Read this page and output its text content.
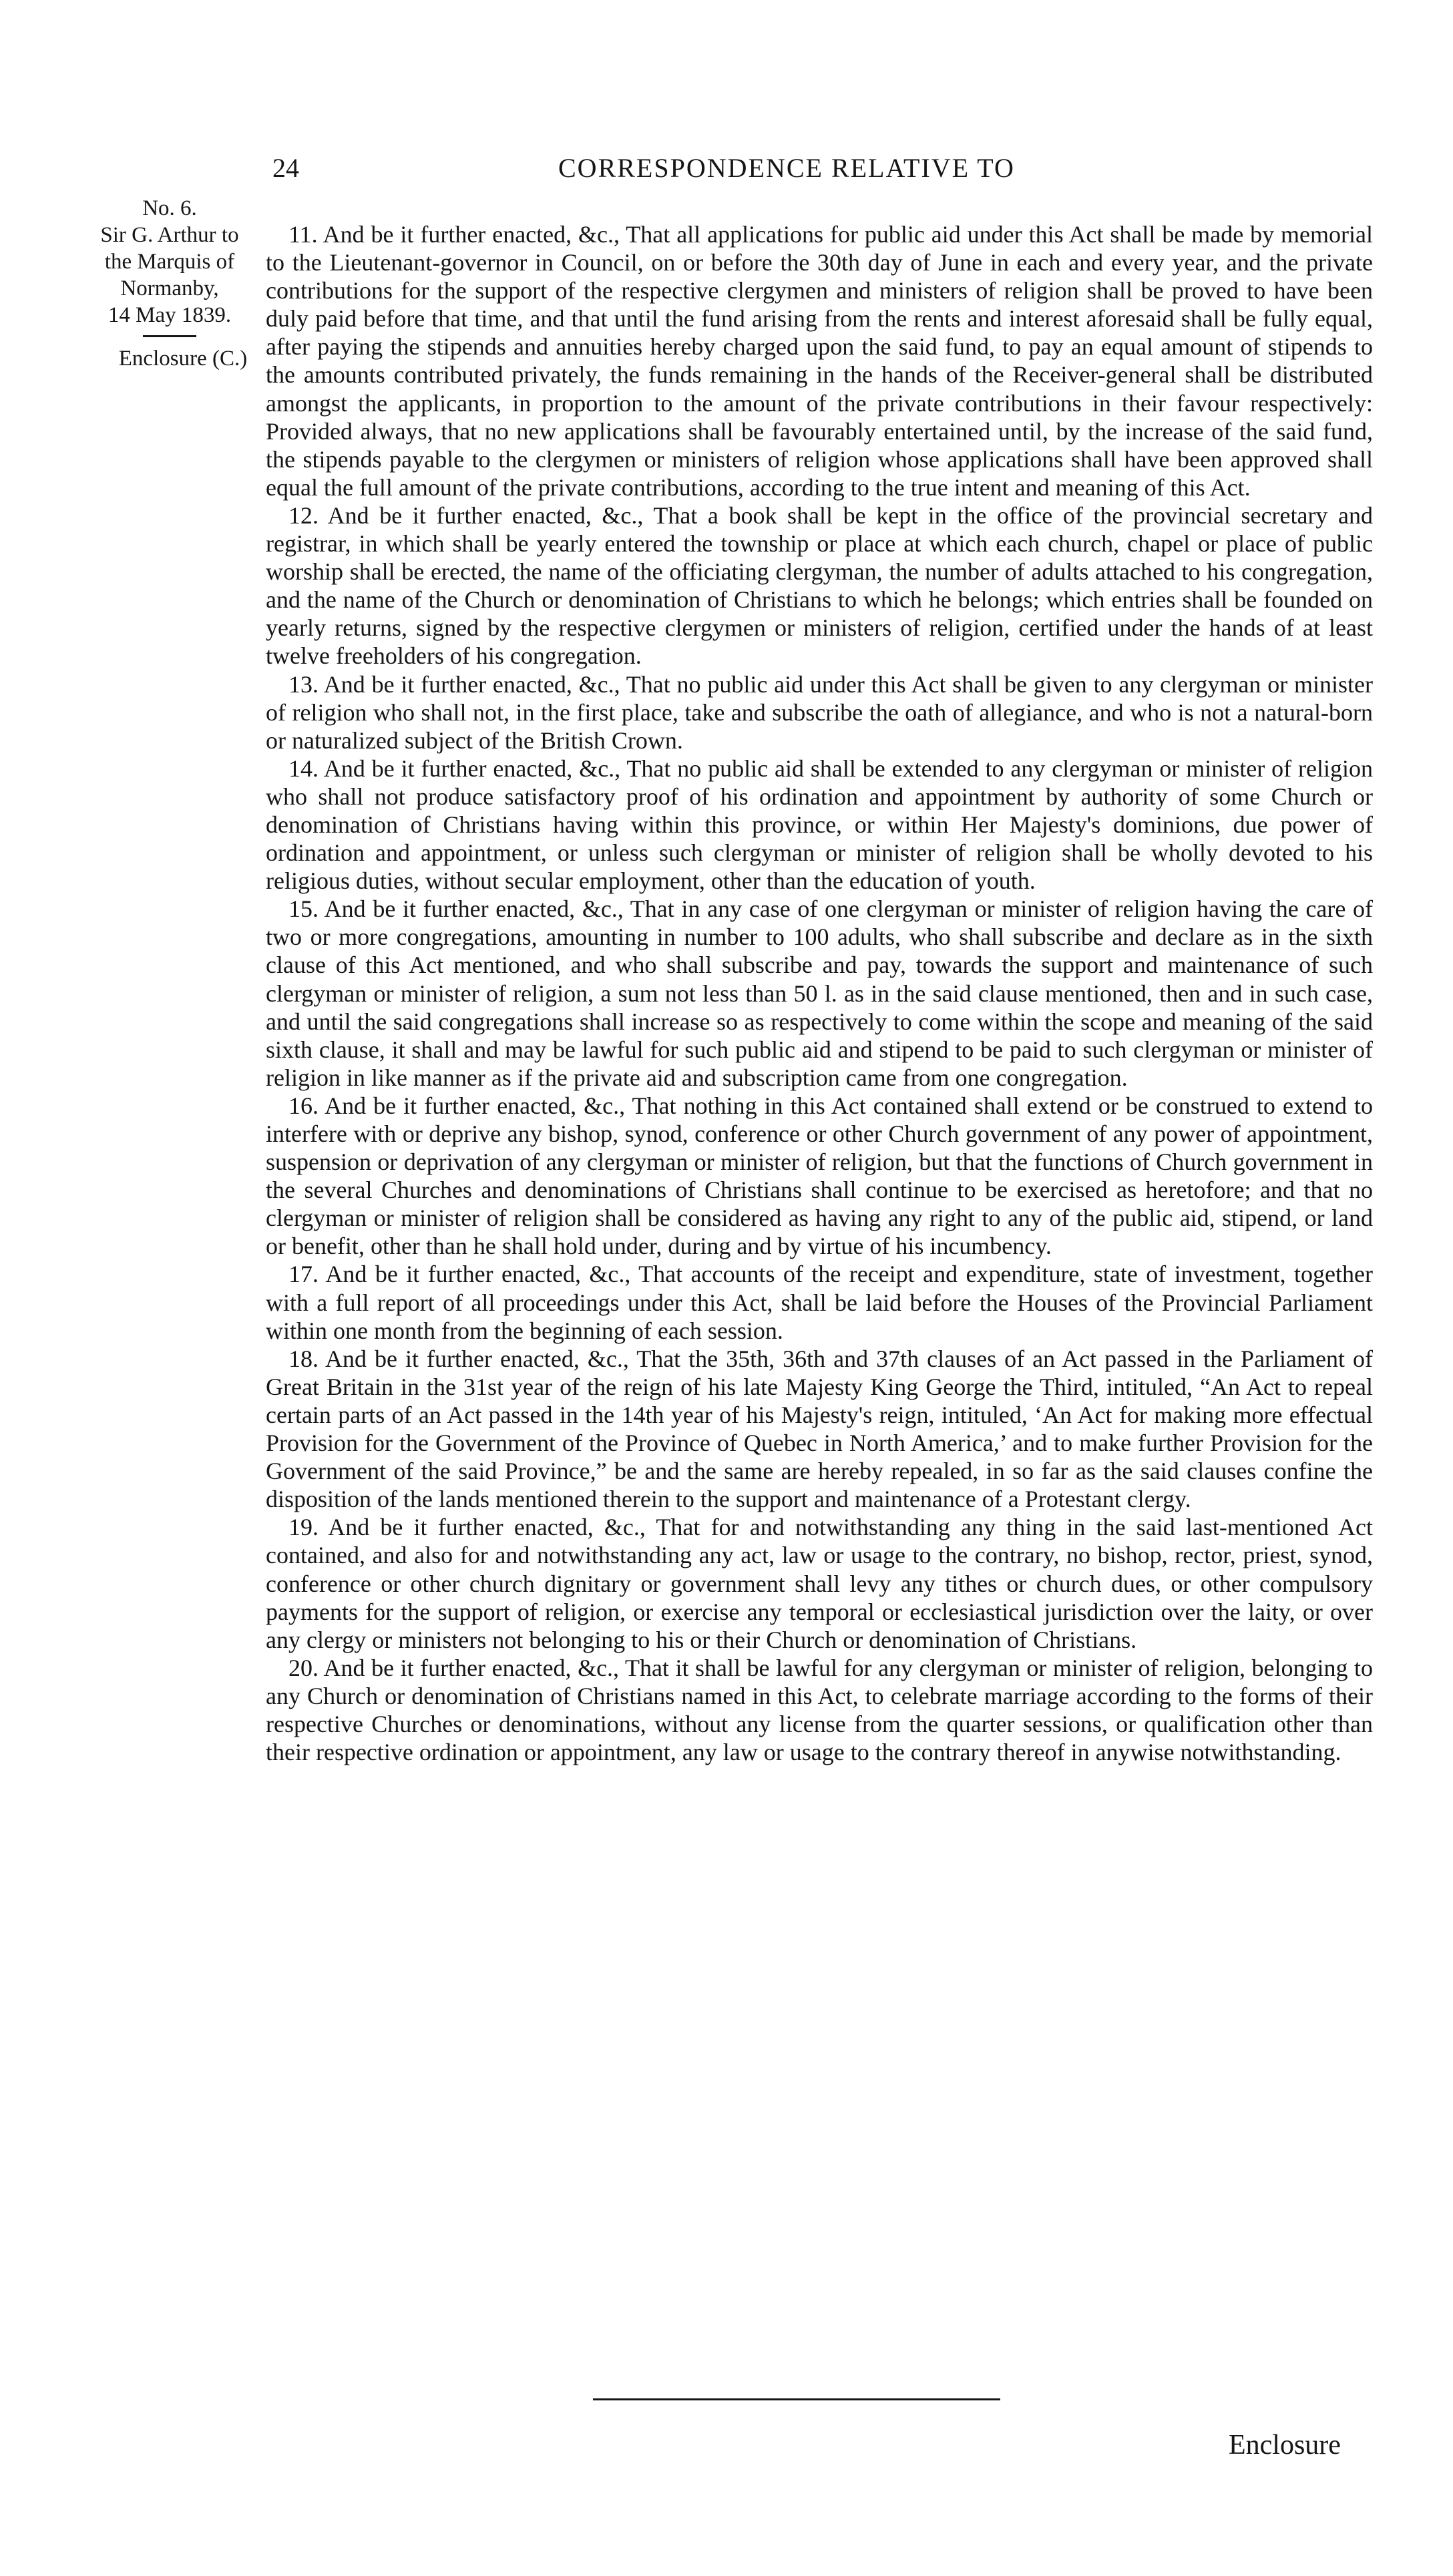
24	CORRESPONDENCE RELATIVE TO
No. 6.
Sir G. Arthur to
the Marquis of
Normanby,
14 May 1839.
Enclosure (C.)

11. And be it further enacted, &c., That all applications for public aid under this Act shall be made by memorial to the Lieutenant-governor in Council, on or before the 30th day of June in each and every year, and the private contributions for the support of the respective clergymen and ministers of religion shall be proved to have been duly paid before that time, and that until the fund arising from the rents and interest aforesaid shall be fully equal, after paying the stipends and annuities hereby charged upon the said fund, to pay an equal amount of stipends to the amounts contributed privately, the funds remaining in the hands of the Receiver-general shall be distributed amongst the applicants, in proportion to the amount of the private contributions in their favour respectively: Provided always, that no new applications shall be favourably entertained until, by the increase of the said fund, the stipends payable to the clergymen or ministers of religion whose applications shall have been approved shall equal the full amount of the private contributions, according to the true intent and meaning of this Act.

12. And be it further enacted, &c., That a book shall be kept in the office of the provincial secretary and registrar, in which shall be yearly entered the township or place at which each church, chapel or place of public worship shall be erected, the name of the officiating clergyman, the number of adults attached to his congregation, and the name of the Church or denomination of Christians to which he belongs; which entries shall be founded on yearly returns, signed by the respective clergymen or ministers of religion, certified under the hands of at least twelve freeholders of his congregation.

13. And be it further enacted, &c., That no public aid under this Act shall be given to any clergyman or minister of religion who shall not, in the first place, take and subscribe the oath of allegiance, and who is not a natural-born or naturalized subject of the British Crown.

14. And be it further enacted, &c., That no public aid shall be extended to any clergyman or minister of religion who shall not produce satisfactory proof of his ordination and appointment by authority of some Church or denomination of Christians having within this province, or within Her Majesty's dominions, due power of ordination and appointment, or unless such clergyman or minister of religion shall be wholly devoted to his religious duties, without secular employment, other than the education of youth.

15. And be it further enacted, &c., That in any case of one clergyman or minister of religion having the care of two or more congregations, amounting in number to 100 adults, who shall subscribe and declare as in the sixth clause of this Act mentioned, and who shall subscribe and pay, towards the support and maintenance of such clergyman or minister of religion, a sum not less than 50 l. as in the said clause mentioned, then and in such case, and until the said congregations shall increase so as respectively to come within the scope and meaning of the said sixth clause, it shall and may be lawful for such public aid and stipend to be paid to such clergyman or minister of religion in like manner as if the private aid and subscription came from one congregation.

16. And be it further enacted, &c., That nothing in this Act contained shall extend or be construed to extend to interfere with or deprive any bishop, synod, conference or other Church government of any power of appointment, suspension or deprivation of any clergyman or minister of religion, but that the functions of Church government in the several Churches and denominations of Christians shall continue to be exercised as heretofore; and that no clergyman or minister of religion shall be considered as having any right to any of the public aid, stipend, or land or benefit, other than he shall hold under, during and by virtue of his incumbency.

17. And be it further enacted, &c., That accounts of the receipt and expenditure, state of investment, together with a full report of all proceedings under this Act, shall be laid before the Houses of the Provincial Parliament within one month from the beginning of each session.

18. And be it further enacted, &c., That the 35th, 36th and 37th clauses of an Act passed in the Parliament of Great Britain in the 31st year of the reign of his late Majesty King George the Third, intituled, “An Act to repeal certain parts of an Act passed in the 14th year of his Majesty's reign, intituled, ‘An Act for making more effectual Provision for the Government of the Province of Quebec in North America,’ and to make further Provision for the Government of the said Province,” be and the same are hereby repealed, in so far as the said clauses confine the disposition of the lands mentioned therein to the support and maintenance of a Protestant clergy.

19. And be it further enacted, &c., That for and notwithstanding any thing in the said last-mentioned Act contained, and also for and notwithstanding any act, law or usage to the contrary, no bishop, rector, priest, synod, conference or other church dignitary or government shall levy any tithes or church dues, or other compulsory payments for the support of religion, or exercise any temporal or ecclesiastical jurisdiction over the laity, or over any clergy or ministers not belonging to his or their Church or denomination of Christians.

20. And be it further enacted, &c., That it shall be lawful for any clergyman or minister of religion, belonging to any Church or denomination of Christians named in this Act, to celebrate marriage according to the forms of their respective Churches or denominations, without any license from the quarter sessions, or qualification other than their respective ordination or appointment, any law or usage to the contrary thereof in anywise notwithstanding.

Enclosure
